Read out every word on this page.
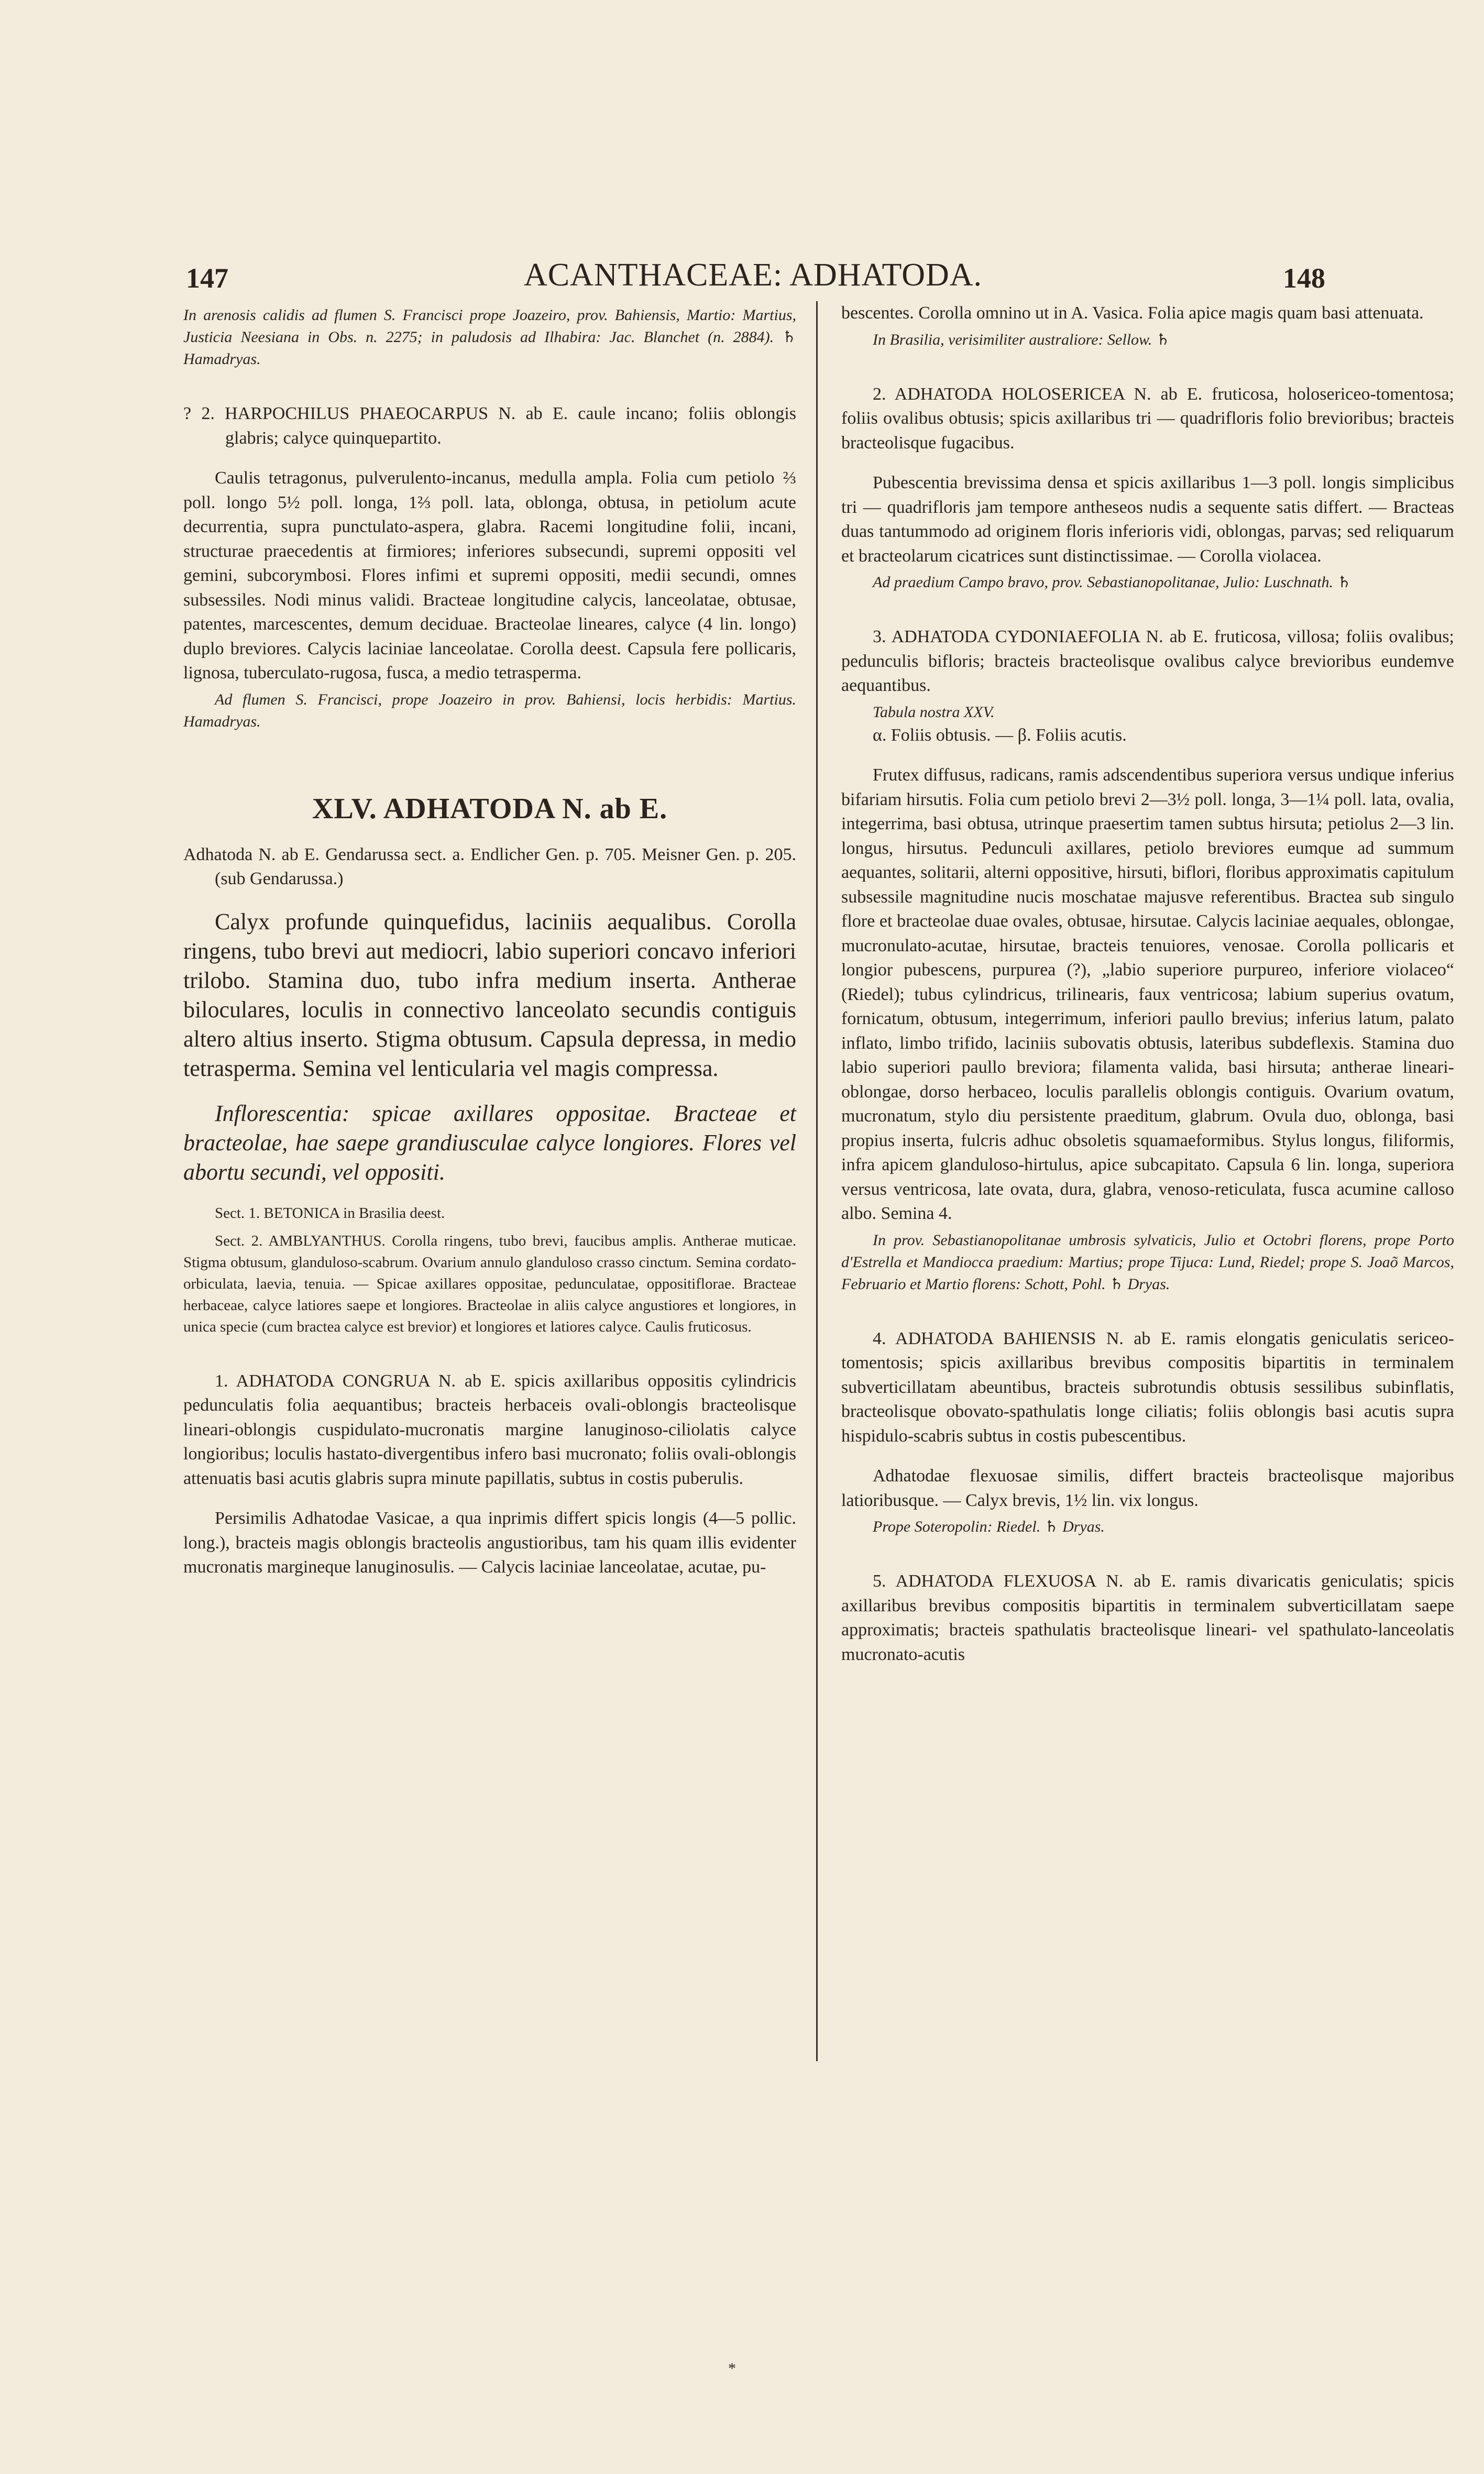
147	ACANTHACEAE: ADHATODA.	148

In arenosis calidis ad flumen S. Francisci prope Joazeiro, prov. Bahiensis, Martio: Martius, Justicia Neesiana in Obs. n. 2275; in paludosis ad Ilhabira: Jac. Blanchet (n. 2884). ♄ Hamadryas.

? 2. HARPOCHILUS PHAEOCARPUS N. ab E. caule incano; foliis oblongis glabris; calyce quinquepartito.

Caulis tetragonus, pulverulento-incanus, medulla ampla. Folia cum petiolo ⅔ poll. longo 5½ poll. longa, 1⅔ poll. lata, oblonga, obtusa, in petiolum acute decurrentia, supra punctulato-aspera, glabra. Racemi longitudine folii, incani, structurae praecedentis at firmiores; inferiores subsecundi, supremi oppositi vel gemini, subcorymbosi. Flores infimi et supremi oppositi, medii secundi, omnes subsessiles. Nodi minus validi. Bracteae longitudine calycis, lanceolatae, obtusae, patentes, marcescentes, demum deciduae. Bracteolae lineares, calyce (4 lin. longo) duplo breviores. Calycis laciniae lanceolatae. Corolla deest. Capsula fere pollicaris, lignosa, tuberculato-rugosa, fusca, a medio tetrasperma.

Ad flumen S. Francisci, prope Joazeiro in prov. Bahiensi, locis herbidis: Martius. Hamadryas.

XLV. ADHATODA N. ab E.

Adhatoda N. ab E. Gendarussa sect. a. Endlicher Gen. p. 705. Meisner Gen. p. 205. (sub Gendarussa.)

Calyx profunde quinquefidus, laciniis aequalibus. Corolla ringens, tubo brevi aut mediocri, labio superiori concavo inferiori trilobo. Stamina duo, tubo infra medium inserta. Antherae biloculares, loculis in connectivo lanceolato secundis contiguis altero altius inserto. Stigma obtusum. Capsula depressa, in medio tetrasperma. Semina vel lenticularia vel magis compressa.

Inflorescentia: spicae axillares oppositae. Bracteae et bracteolae, hae saepe grandiusculae calyce longiores. Flores vel abortu secundi, vel oppositi.

Sect. 1. BETONICA in Brasilia deest.

Sect. 2. AMBLYANTHUS. Corolla ringens, tubo brevi, faucibus amplis. Antherae muticae. Stigma obtusum, glanduloso-scabrum. Ovarium annulo glanduloso crasso cinctum. Semina cordato-orbiculata, laevia, tenuia. — Spicae axillares oppositae, pedunculatae, oppositiflorae. Bracteae herbaceae, calyce latiores saepe et longiores. Bracteolae in aliis calyce angustiores et longiores, in unica specie (cum bractea calyce est brevior) et longiores et latiores calyce. Caulis fruticosus.

1. ADHATODA CONGRUA N. ab E. spicis axillaribus oppositis cylindricis pedunculatis folia aequantibus; bracteis herbaceis ovali-oblongis bracteolisque lineari-oblongis cuspidulato-mucronatis margine lanuginoso-ciliolatis calyce longioribus; loculis hastato-divergentibus infero basi mucronato; foliis ovali-oblongis attenuatis basi acutis glabris supra minute papillatis, subtus in costis puberulis.

Persimilis Adhatodae Vasicae, a qua inprimis differt spicis longis (4—5 pollic. long.), bracteis magis oblongis bracteolis angustioribus, tam his quam illis evidenter mucronatis margineque lanuginosulis. — Calycis laciniae lanceolatae, acutae, pu-

bescentes. Corolla omnino ut in A. Vasica. Folia apice magis quam basi attenuata.

In Brasilia, verisimiliter australiore: Sellow. ♄

2. ADHATODA HOLOSERICEA N. ab E. fruticosa, holosericeo-tomentosa; foliis ovalibus obtusis; spicis axillaribus tri — quadrifloris folio brevioribus; bracteis bracteolisque fugacibus.

Pubescentia brevissima densa et spicis axillaribus 1—3 poll. longis simplicibus tri — quadrifloris jam tempore antheseos nudis a sequente satis differt. — Bracteas duas tantummodo ad originem floris inferioris vidi, oblongas, parvas; sed reliquarum et bracteolarum cicatrices sunt distinctissimae. — Corolla violacea.

Ad praedium Campo bravo, prov. Sebastianopolitanae, Julio: Luschnath. ♄

3. ADHATODA CYDONIAEFOLIA N. ab E. fruticosa, villosa; foliis ovalibus; pedunculis bifloris; bracteis bracteolisque ovalibus calyce brevioribus eundemve aequantibus.

Tabula nostra XXV.

α. Foliis obtusis. — β. Foliis acutis.

Frutex diffusus, radicans, ramis adscendentibus superiora versus undique inferius bifariam hirsutis. Folia cum petiolo brevi 2—3½ poll. longa, 3—1¼ poll. lata, ovalia, integerrima, basi obtusa, utrinque praesertim tamen subtus hirsuta; petiolus 2—3 lin. longus, hirsutus. Pedunculi axillares, petiolo breviores eumque ad summum aequantes, solitarii, alterni oppositive, hirsuti, biflori, floribus approximatis capitulum subsessile magnitudine nucis moschatae majusve referentibus. Bractea sub singulo flore et bracteolae duae ovales, obtusae, hirsutae. Calycis laciniae aequales, oblongae, mucronulato-acutae, hirsutae, bracteis tenuiores, venosae. Corolla pollicaris et longior pubescens, purpurea (?), „labio superiore purpureo, inferiore violaceo“ (Riedel); tubus cylindricus, trilinearis, faux ventricosa; labium superius ovatum, fornicatum, obtusum, integerrimum, inferiori paullo brevius; inferius latum, palato inflato, limbo trifido, laciniis subovatis obtusis, lateribus subdeflexis. Stamina duo labio superiori paullo breviora; filamenta valida, basi hirsuta; antherae lineari-oblongae, dorso herbaceo, loculis parallelis oblongis contiguis. Ovarium ovatum, mucronatum, stylo diu persistente praeditum, glabrum. Ovula duo, oblonga, basi propius inserta, fulcris adhuc obsoletis squamaeformibus. Stylus longus, filiformis, infra apicem glanduloso-hirtulus, apice subcapitato. Capsula 6 lin. longa, superiora versus ventricosa, late ovata, dura, glabra, venoso-reticulata, fusca acumine calloso albo. Semina 4.

In prov. Sebastianopolitanae umbrosis sylvaticis, Julio et Octobri florens, prope Porto d'Estrella et Mandiocca praedium: Martius; prope Tijuca: Lund, Riedel; prope S. Joaõ Marcos, Februario et Martio florens: Schott, Pohl. ♄ Dryas.

4. ADHATODA BAHIENSIS N. ab E. ramis elongatis geniculatis sericeo-tomentosis; spicis axillaribus brevibus compositis bipartitis in terminalem subverticillatam abeuntibus, bracteis subrotundis obtusis sessilibus subinflatis, bracteolisque obovato-spathulatis longe ciliatis; foliis oblongis basi acutis supra hispidulo-scabris subtus in costis pubescentibus.

Adhatodae flexuosae similis, differt bracteis bracteolisque majoribus latioribusque. — Calyx brevis, 1½ lin. vix longus.

Prope Soteropolin: Riedel. ♄ Dryas.

5. ADHATODA FLEXUOSA N. ab E. ramis divaricatis geniculatis; spicis axillaribus brevibus compositis bipartitis in terminalem subverticillatam saepe approximatis; bracteis spathulatis bracteolisque lineari- vel spathulato-lanceolatis mucronato-acutis

*
